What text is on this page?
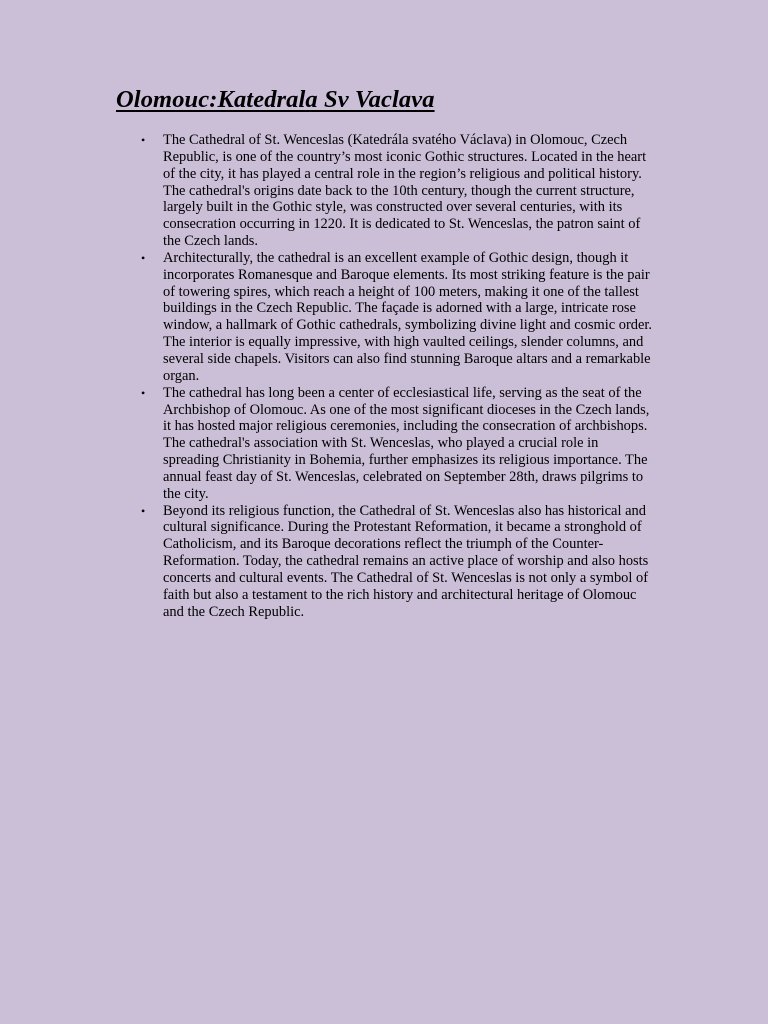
Olomouc:Katedrala Sv Vaclava
• The Cathedral of St. Wenceslas (Katedrála svatého Václava) in Olomouc, Czech Republic, is one of the country’s most iconic Gothic structures. Located in the heart of the city, it has played a central role in the region’s religious and political history. The cathedral's origins date back to the 10th century, though the current structure, largely built in the Gothic style, was constructed over several centuries, with its consecration occurring in 1220. It is dedicated to St. Wenceslas, the patron saint of the Czech lands.
• Architecturally, the cathedral is an excellent example of Gothic design, though it incorporates Romanesque and Baroque elements. Its most striking feature is the pair of towering spires, which reach a height of 100 meters, making it one of the tallest buildings in the Czech Republic. The façade is adorned with a large, intricate rose window, a hallmark of Gothic cathedrals, symbolizing divine light and cosmic order. The interior is equally impressive, with high vaulted ceilings, slender columns, and several side chapels. Visitors can also find stunning Baroque altars and a remarkable organ.
• The cathedral has long been a center of ecclesiastical life, serving as the seat of the Archbishop of Olomouc. As one of the most significant dioceses in the Czech lands, it has hosted major religious ceremonies, including the consecration of archbishops. The cathedral's association with St. Wenceslas, who played a crucial role in spreading Christianity in Bohemia, further emphasizes its religious importance. The annual feast day of St. Wenceslas, celebrated on September 28th, draws pilgrims to the city.
• Beyond its religious function, the Cathedral of St. Wenceslas also has historical and cultural significance. During the Protestant Reformation, it became a stronghold of Catholicism, and its Baroque decorations reflect the triumph of the Counter-Reformation. Today, the cathedral remains an active place of worship and also hosts concerts and cultural events. The Cathedral of St. Wenceslas is not only a symbol of faith but also a testament to the rich history and architectural heritage of Olomouc and the Czech Republic.
